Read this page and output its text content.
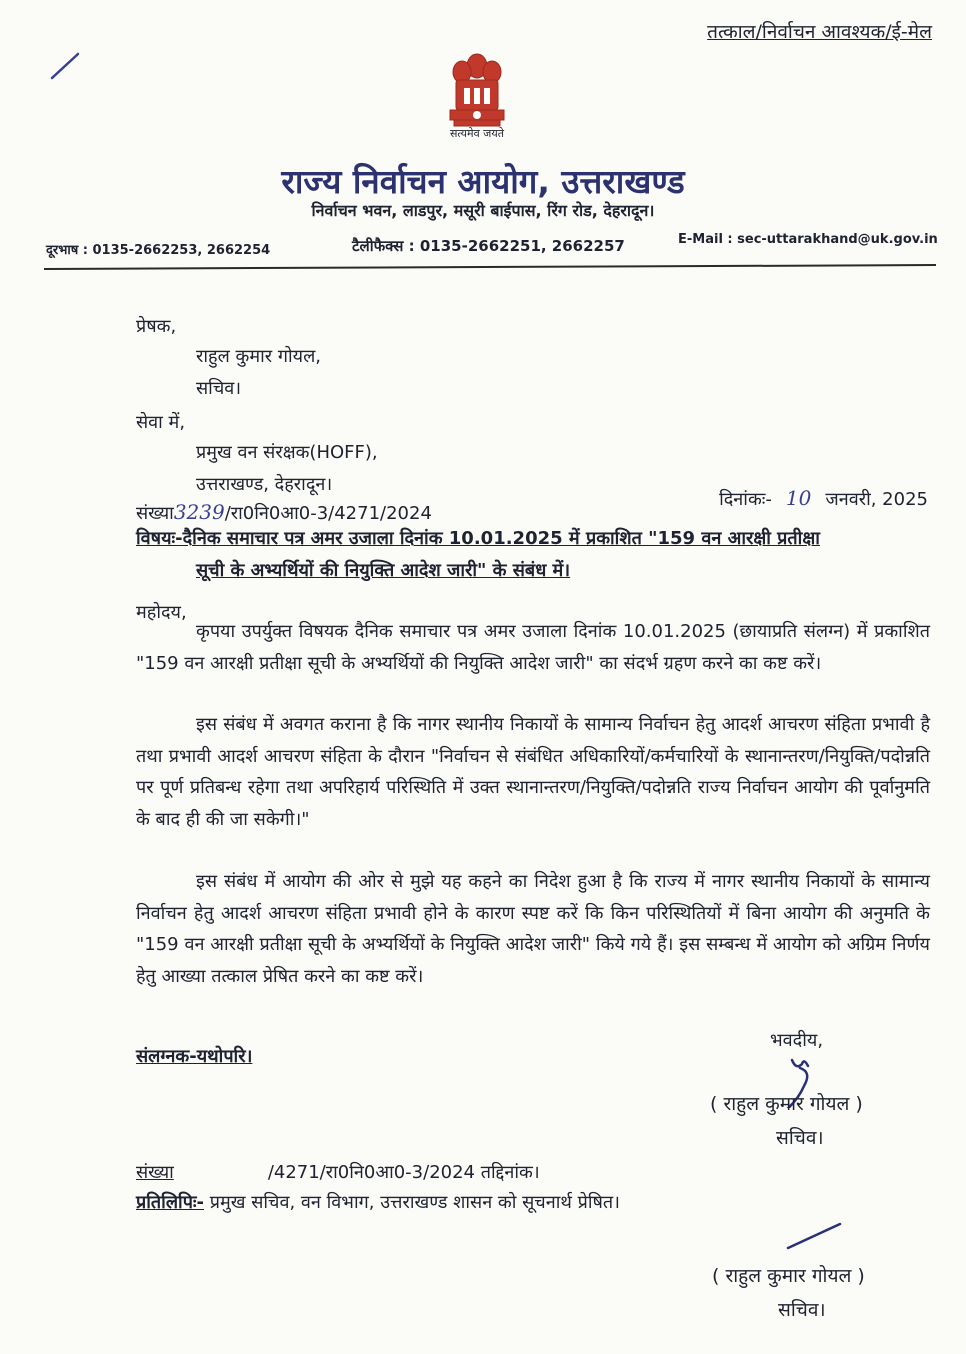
तत्काल/निर्वाचन आवश्यक/ई-मेल
सत्यमेव जयते
राज्य निर्वाचन आयोग, उत्तराखण्ड
निर्वाचन भवन, लाडपुर, मसूरी बाईपास, रिंग रोड, देहरादून।
दूरभाष : 0135-2662253, 2662254	टैलीफैक्स : 0135-2662251, 2662257	E-Mail : sec-uttarakhand@uk.gov.in
प्रेषक,
राहुल कुमार गोयल,
सचिव।
सेवा में,
प्रमुख वन संरक्षक(HOFF),
उत्तराखण्ड, देहरादून।
संख्या3239/रा0नि0आ0-3/4271/2024
दिनांकः- 10 जनवरी, 2025
विषयः-दैनिक समाचार पत्र अमर उजाला दिनांक 10.01.2025 में प्रकाशित "159 वन आरक्षी प्रतीक्षा
सूची के अभ्यर्थियों की नियुक्ति आदेश जारी" के संबंध में।
महोदय,
कृपया उपर्युक्त विषयक दैनिक समाचार पत्र अमर उजाला दिनांक 10.01.2025 (छायाप्रति संलग्न) में प्रकाशित "159 वन आरक्षी प्रतीक्षा सूची के अभ्यर्थियों की नियुक्ति आदेश जारी" का संदर्भ ग्रहण करने का कष्ट करें।
इस संबंध में अवगत कराना है कि नागर स्थानीय निकायों के सामान्य निर्वाचन हेतु आदर्श आचरण संहिता प्रभावी है तथा प्रभावी आदर्श आचरण संहिता के दौरान "निर्वाचन से संबंधित अधिकारियों/कर्मचारियों के स्थानान्तरण/नियुक्ति/पदोन्नति पर पूर्ण प्रतिबन्ध रहेगा तथा अपरिहार्य परिस्थिति में उक्त स्थानान्तरण/नियुक्ति/पदोन्नति राज्य निर्वाचन आयोग की पूर्वानुमति के बाद ही की जा सकेगी।"
इस संबंध में आयोग की ओर से मुझे यह कहने का निदेश हुआ है कि राज्य में नागर स्थानीय निकायों के सामान्य निर्वाचन हेतु आदर्श आचरण संहिता प्रभावी होने के कारण स्पष्ट करें कि किन परिस्थितियों में बिना आयोग की अनुमति के "159 वन आरक्षी प्रतीक्षा सूची के अभ्यर्थियों के नियुक्ति आदेश जारी" किये गये हैं। इस सम्बन्ध में आयोग को अग्रिम निर्णय हेतु आख्या तत्काल प्रेषित करने का कष्ट करें।
भवदीय,
संलग्नक-यथोपरि।
( राहुल कुमार गोयल )
सचिव।
संख्या	/4271/रा0नि0आ0-3/2024 तद्दिनांक।
प्रतिलिपिः- प्रमुख सचिव, वन विभाग, उत्तराखण्ड शासन को सूचनार्थ प्रेषित।
( राहुल कुमार गोयल )
सचिव।
